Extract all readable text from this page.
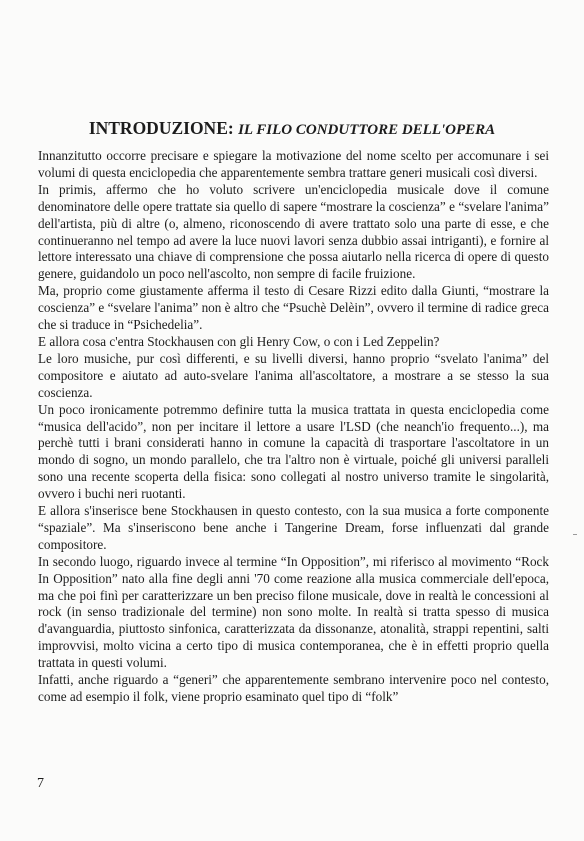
INTRODUZIONE: IL FILO CONDUTTORE DELL'OPERA

Innanzitutto occorre precisare e spiegare la motivazione del nome scelto per accomunare i sei volumi di questa enciclopedia che apparentemente sembra trattare generi musicali così diversi.

In primis, affermo che ho voluto scrivere un'enciclopedia musicale dove il comune denominatore delle opere trattate sia quello di sapere “mostrare la coscienza” e “svelare l'anima” dell'artista, più di altre (o, almeno, riconoscendo di avere trattato solo una parte di esse, e che continueranno nel tempo ad avere la luce nuovi lavori senza dubbio assai intriganti), e fornire al lettore interessato una chiave di comprensione che possa aiutarlo nella ricerca di opere di questo genere, guidandolo un poco nell'ascolto, non sempre di facile fruizione.

Ma, proprio come giustamente afferma il testo di Cesare Rizzi edito dalla Giunti, “mostrare la coscienza” e “svelare l'anima” non è altro che “Psuchè Delèin”, ovvero il termine di radice greca che si traduce in “Psichedelia”.

E allora cosa c'entra Stockhausen con gli Henry Cow, o con i Led Zeppelin?

Le loro musiche, pur così differenti, e su livelli diversi, hanno proprio “svelato l'anima” del compositore e aiutato ad auto-svelare l'anima all'ascoltatore, a mostrare a se stesso la sua coscienza.

Un poco ironicamente potremmo definire tutta la musica trattata in questa enciclopedia come “musica dell'acido”, non per incitare il lettore a usare l'LSD (che neanch'io frequento...), ma perchè tutti i brani considerati hanno in comune la capacità di trasportare l'ascoltatore in un mondo di sogno, un mondo parallelo, che tra l'altro non è virtuale, poiché gli universi paralleli sono una recente scoperta della fisica: sono collegati al nostro universo tramite le singolarità, ovvero i buchi neri ruotanti.

E allora s'inserisce bene Stockhausen in questo contesto, con la sua musica a forte componente “spaziale”. Ma s'inseriscono bene anche i Tangerine Dream, forse influenzati dal grande compositore.

In secondo luogo, riguardo invece al termine “In Opposition”, mi riferisco al movimento “Rock In Opposition” nato alla fine degli anni '70 come reazione alla musica commerciale dell'epoca, ma che poi finì per caratterizzare un ben preciso filone musicale, dove in realtà le concessioni al rock (in senso tradizionale del termine) non sono molte. In realtà si tratta spesso di musica d'avanguardia, piuttosto sinfonica, caratterizzata da dissonanze, atonalità, strappi repentini, salti improvvisi, molto vicina a certo tipo di musica contemporanea, che è in effetti proprio quella trattata in questi volumi.

Infatti, anche riguardo a “generi” che apparentemente sembrano intervenire poco nel contesto, come ad esempio il folk, viene proprio esaminato quel tipo di “folk”

7
